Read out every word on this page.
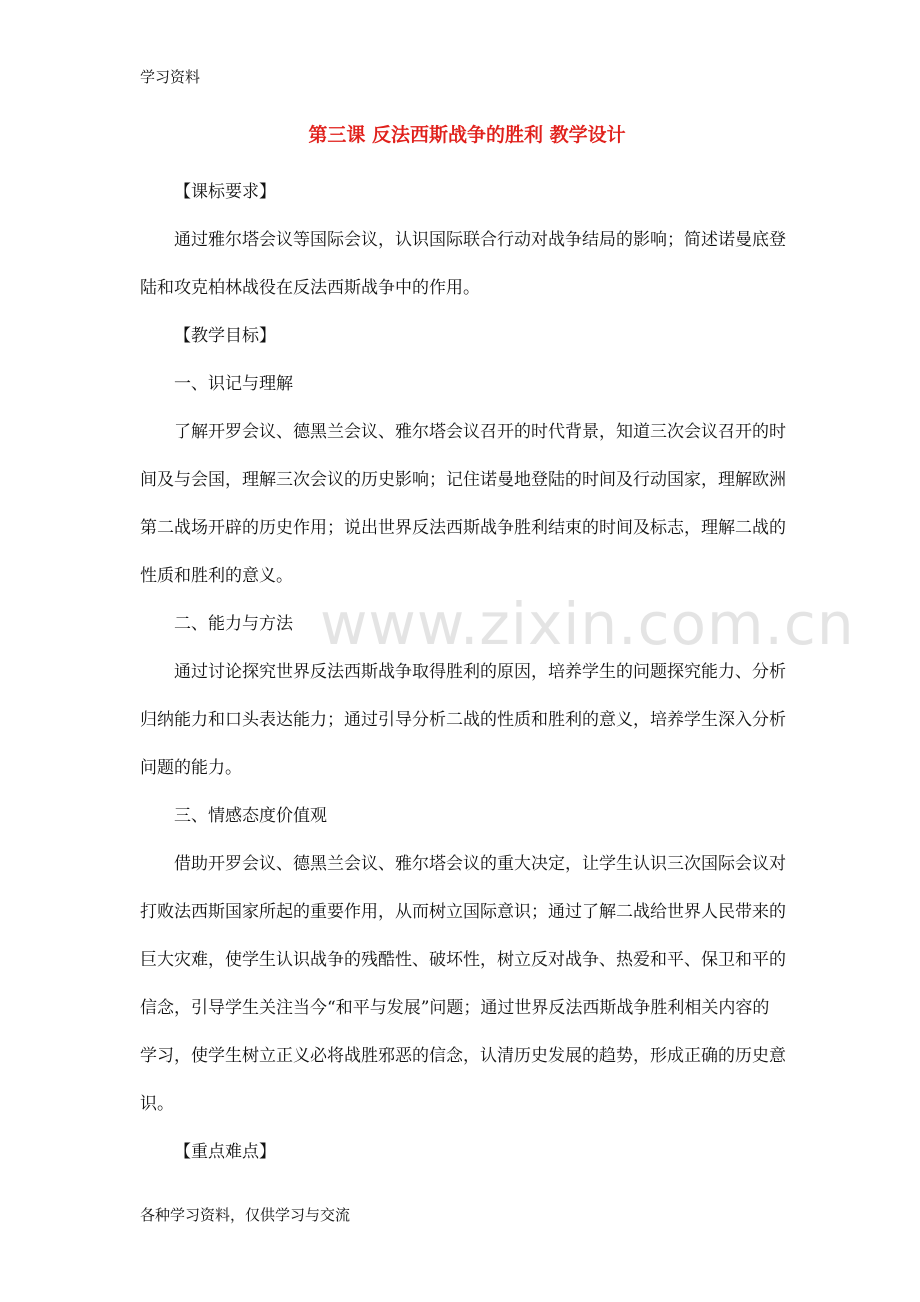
学习资料
www.zixin.com.cn
第三课 反法西斯战争的胜利 教学设计

【课标要求】

通过雅尔塔会议等国际会议，认识国际联合行动对战争结局的影响；简述诺曼底登陆和攻克柏林战役在反法西斯战争中的作用。

【教学目标】

一、识记与理解

了解开罗会议、德黑兰会议、雅尔塔会议召开的时代背景，知道三次会议召开的时间及与会国，理解三次会议的历史影响；记住诺曼地登陆的时间及行动国家，理解欧洲第二战场开辟的历史作用；说出世界反法西斯战争胜利结束的时间及标志，理解二战的性质和胜利的意义。

二、能力与方法

通过讨论探究世界反法西斯战争取得胜利的原因，培养学生的问题探究能力、分析归纳能力和口头表达能力；通过引导分析二战的性质和胜利的意义，培养学生深入分析问题的能力。

三、情感态度价值观

借助开罗会议、德黑兰会议、雅尔塔会议的重大决定，让学生认识三次国际会议对打败法西斯国家所起的重要作用，从而树立国际意识；通过了解二战给世界人民带来的巨大灾难，使学生认识战争的残酷性、破坏性，树立反对战争、热爱和平、保卫和平的信念，引导学生关注当今“和平与发展”问题；通过世界反法西斯战争胜利相关内容的学习，使学生树立正义必将战胜邪恶的信念，认清历史发展的趋势，形成正确的历史意识。

【重点难点】

各种学习资料，仅供学习与交流
